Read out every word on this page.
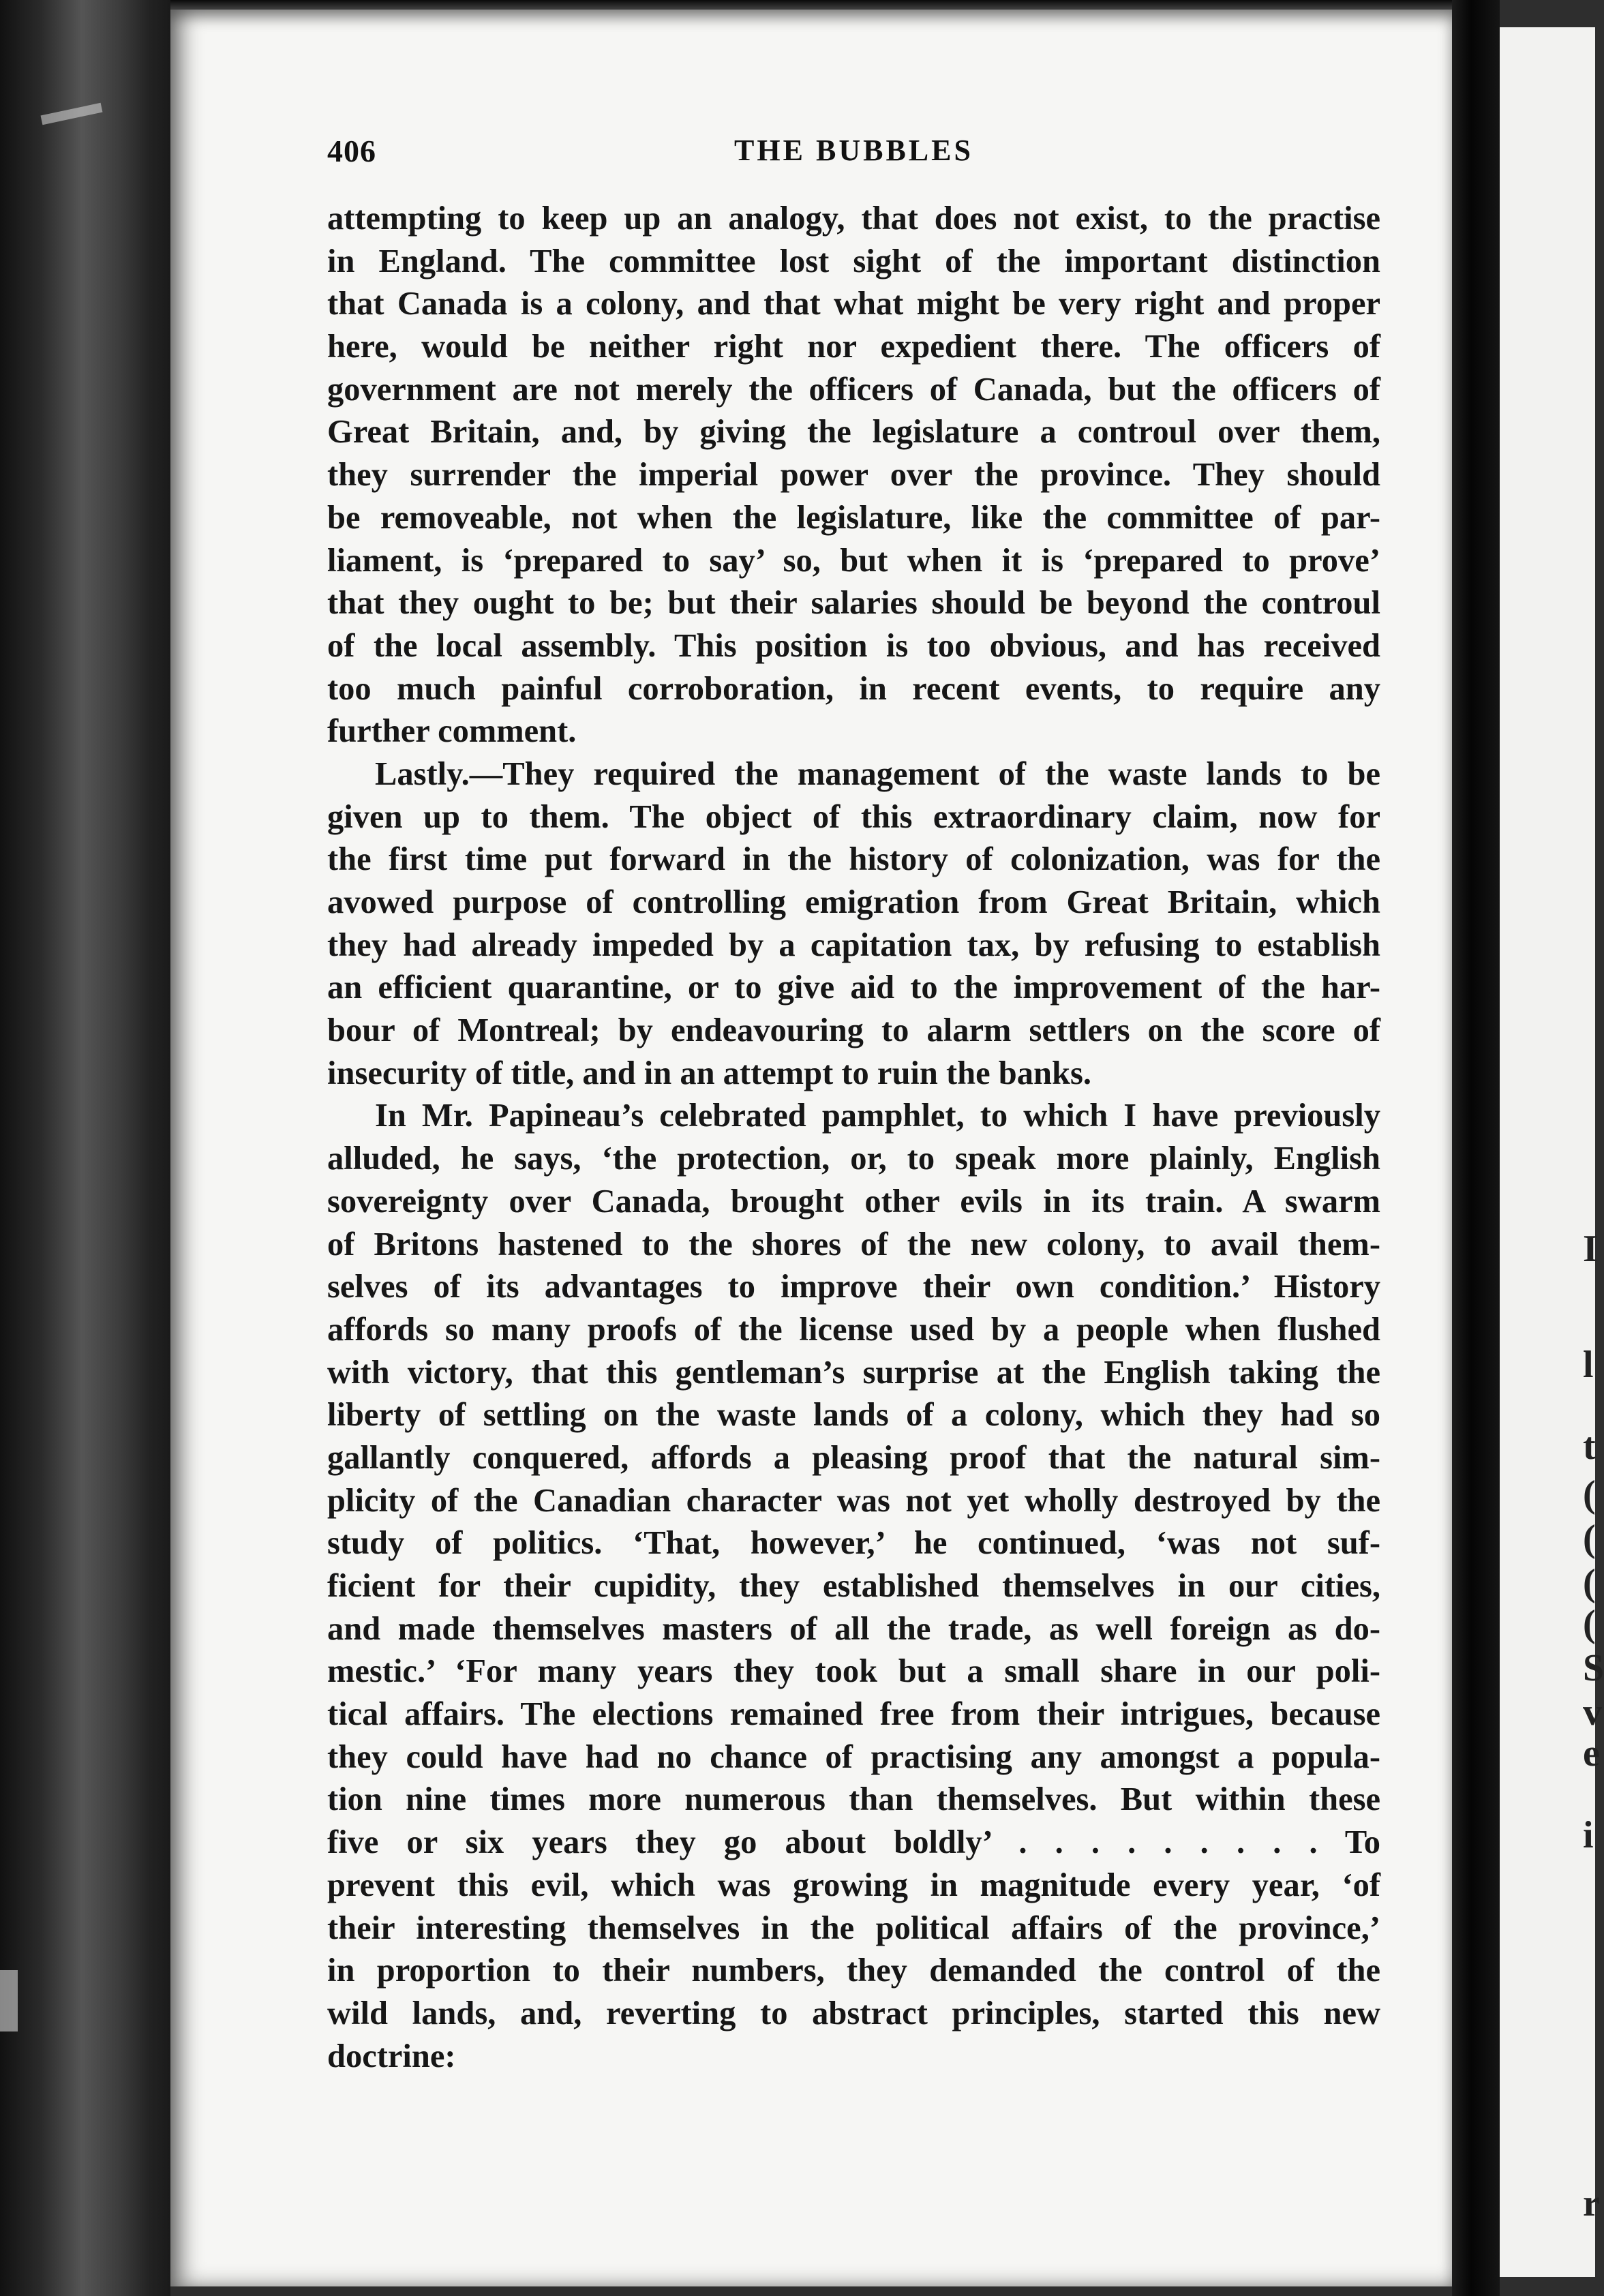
406	THE BUBBLES
attempting to keep up an analogy, that does not exist, to the practise
in England. The committee lost sight of the important distinction
that Canada is a colony, and that what might be very right and proper
here, would be neither right nor expedient there. The officers of
government are not merely the officers of Canada, but the officers of
Great Britain, and, by giving the legislature a controul over them,
they surrender the imperial power over the province. They should
be removeable, not when the legislature, like the committee of par-
liament, is ‘prepared to say’ so, but when it is ‘prepared to prove’
that they ought to be; but their salaries should be beyond the controul
of the local assembly. This position is too obvious, and has received
too much painful corroboration, in recent events, to require any
further comment.
Lastly.—They required the management of the waste lands to be
given up to them. The object of this extraordinary claim, now for
the first time put forward in the history of colonization, was for the
avowed purpose of controlling emigration from Great Britain, which
they had already impeded by a capitation tax, by refusing to establish
an efficient quarantine, or to give aid to the improvement of the har-
bour of Montreal; by endeavouring to alarm settlers on the score of
insecurity of title, and in an attempt to ruin the banks.
In Mr. Papineau’s celebrated pamphlet, to which I have previously
alluded, he says, ‘the protection, or, to speak more plainly, English
sovereignty over Canada, brought other evils in its train. A swarm
of Britons hastened to the shores of the new colony, to avail them-
selves of its advantages to improve their own condition.’ History
affords so many proofs of the license used by a people when flushed
with victory, that this gentleman’s surprise at the English taking the
liberty of settling on the waste lands of a colony, which they had so
gallantly conquered, affords a pleasing proof that the natural sim-
plicity of the Canadian character was not yet wholly destroyed by the
study of politics. ‘That, however,’ he continued, ‘was not suf-
ficient for their cupidity, they established themselves in our cities,
and made themselves masters of all the trade, as well foreign as do-
mestic.’ ‘For many years they took but a small share in our poli-
tical affairs. The elections remained free from their intrigues, because
they could have had no chance of practising any amongst a popula-
tion nine times more numerous than themselves. But within these
five or six years they go about boldly’ . . . . . . . . . To
prevent this evil, which was growing in magnitude every year, ‘of
their interesting themselves in the political affairs of the province,’
in proportion to their numbers, they demanded the control of the
wild lands, and, reverting to abstract principles, started this new
doctrine:
I
l
t
(
(
(
(
S
v
e
i
r
